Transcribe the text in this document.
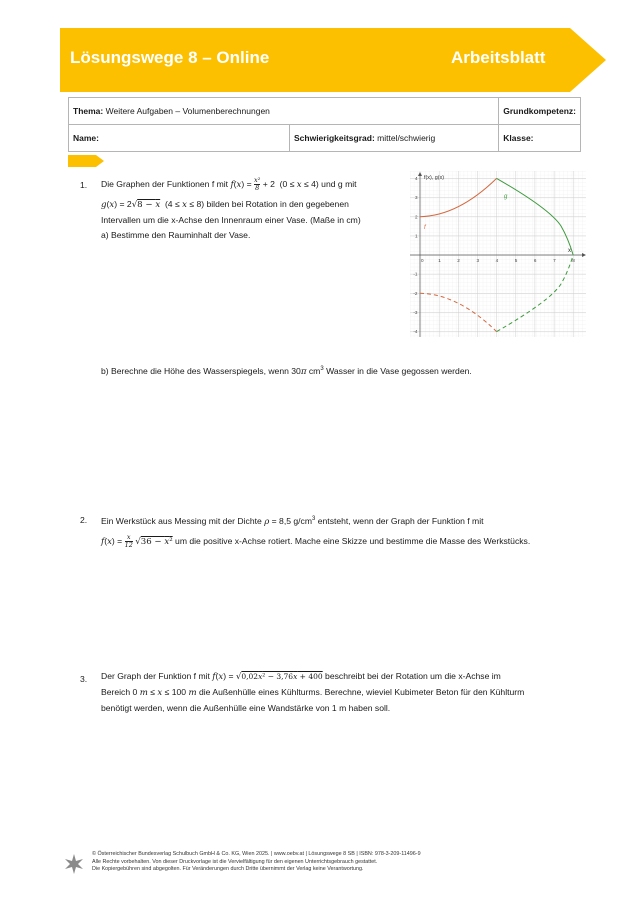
Lösungswege 8 – Online	Arbeitsblatt
Thema: Weitere Aufgaben – Volumenberechnungen		Grundkompetenz:
Name:	Schwierigkeitsgrad: mittel/schwierig	Klasse:
1. Die Graphen der Funktionen f mit $f(x) = \frac{\text{x²}}{8} + 2$  (0 ≤ x ≤ 4) und g mit
g(x) = 2√8 − x  (4 ≤ x ≤ 8) bilden bei Rotation in den gegebenen
Intervallen um die x-Achse den Innenraum einer Vase. (Maße in cm)
a) Bestimme den Rauminhalt der Vase.
f(x), g(x)
x
0	1	2	3	4	5	6	7	8
4
3
2
1
-1
-2
-3
-4
f
g
b) Berechne die Höhe des Wasserspiegels, wenn 30π $cm^3$ Wasser in die Vase gegossen werden.
2. Ein Werkstück aus Messing mit der Dichte ρ = 8,5 $g/cm^3$ entsteht, wenn der Graph der Funktion f mit
$f(x) = \frac{x}{12} √36 - x^2$ um die positive x-Achse rotiert. Mache eine Skizze und bestimme die Masse des Werkstücks.
3. Der Graph der Funktion f mit f(x) = √0,02x² − 3,76x + 400 beschreibt bei der Rotation um die x-Achse im
Bereich 0 m ≤ x ≤ 100 m die Außenhülle eines Kühlturms. Berechne, wieviel Kubimeter Beton für den Kühlturm
benötigt werden, wenn die Außenhülle eine Wandstärke von 1 m haben soll.
© Österreichischer Bundesverlag Schulbuch GmbH & Co. KG, Wien 2025. | www.oebv.at | Lösungswege 8 SB | ISBN: 978-3-209-11496-9
Alle Rechte vorbehalten. Von dieser Druckvorlage ist die Vervielfältigung für den eigenen Unterrichtsgebrauch gestattet.
Die Kopiergebühren sind abgegolten. Für Veränderungen durch Dritte übernimmt der Verlag keine Verantwortung.
